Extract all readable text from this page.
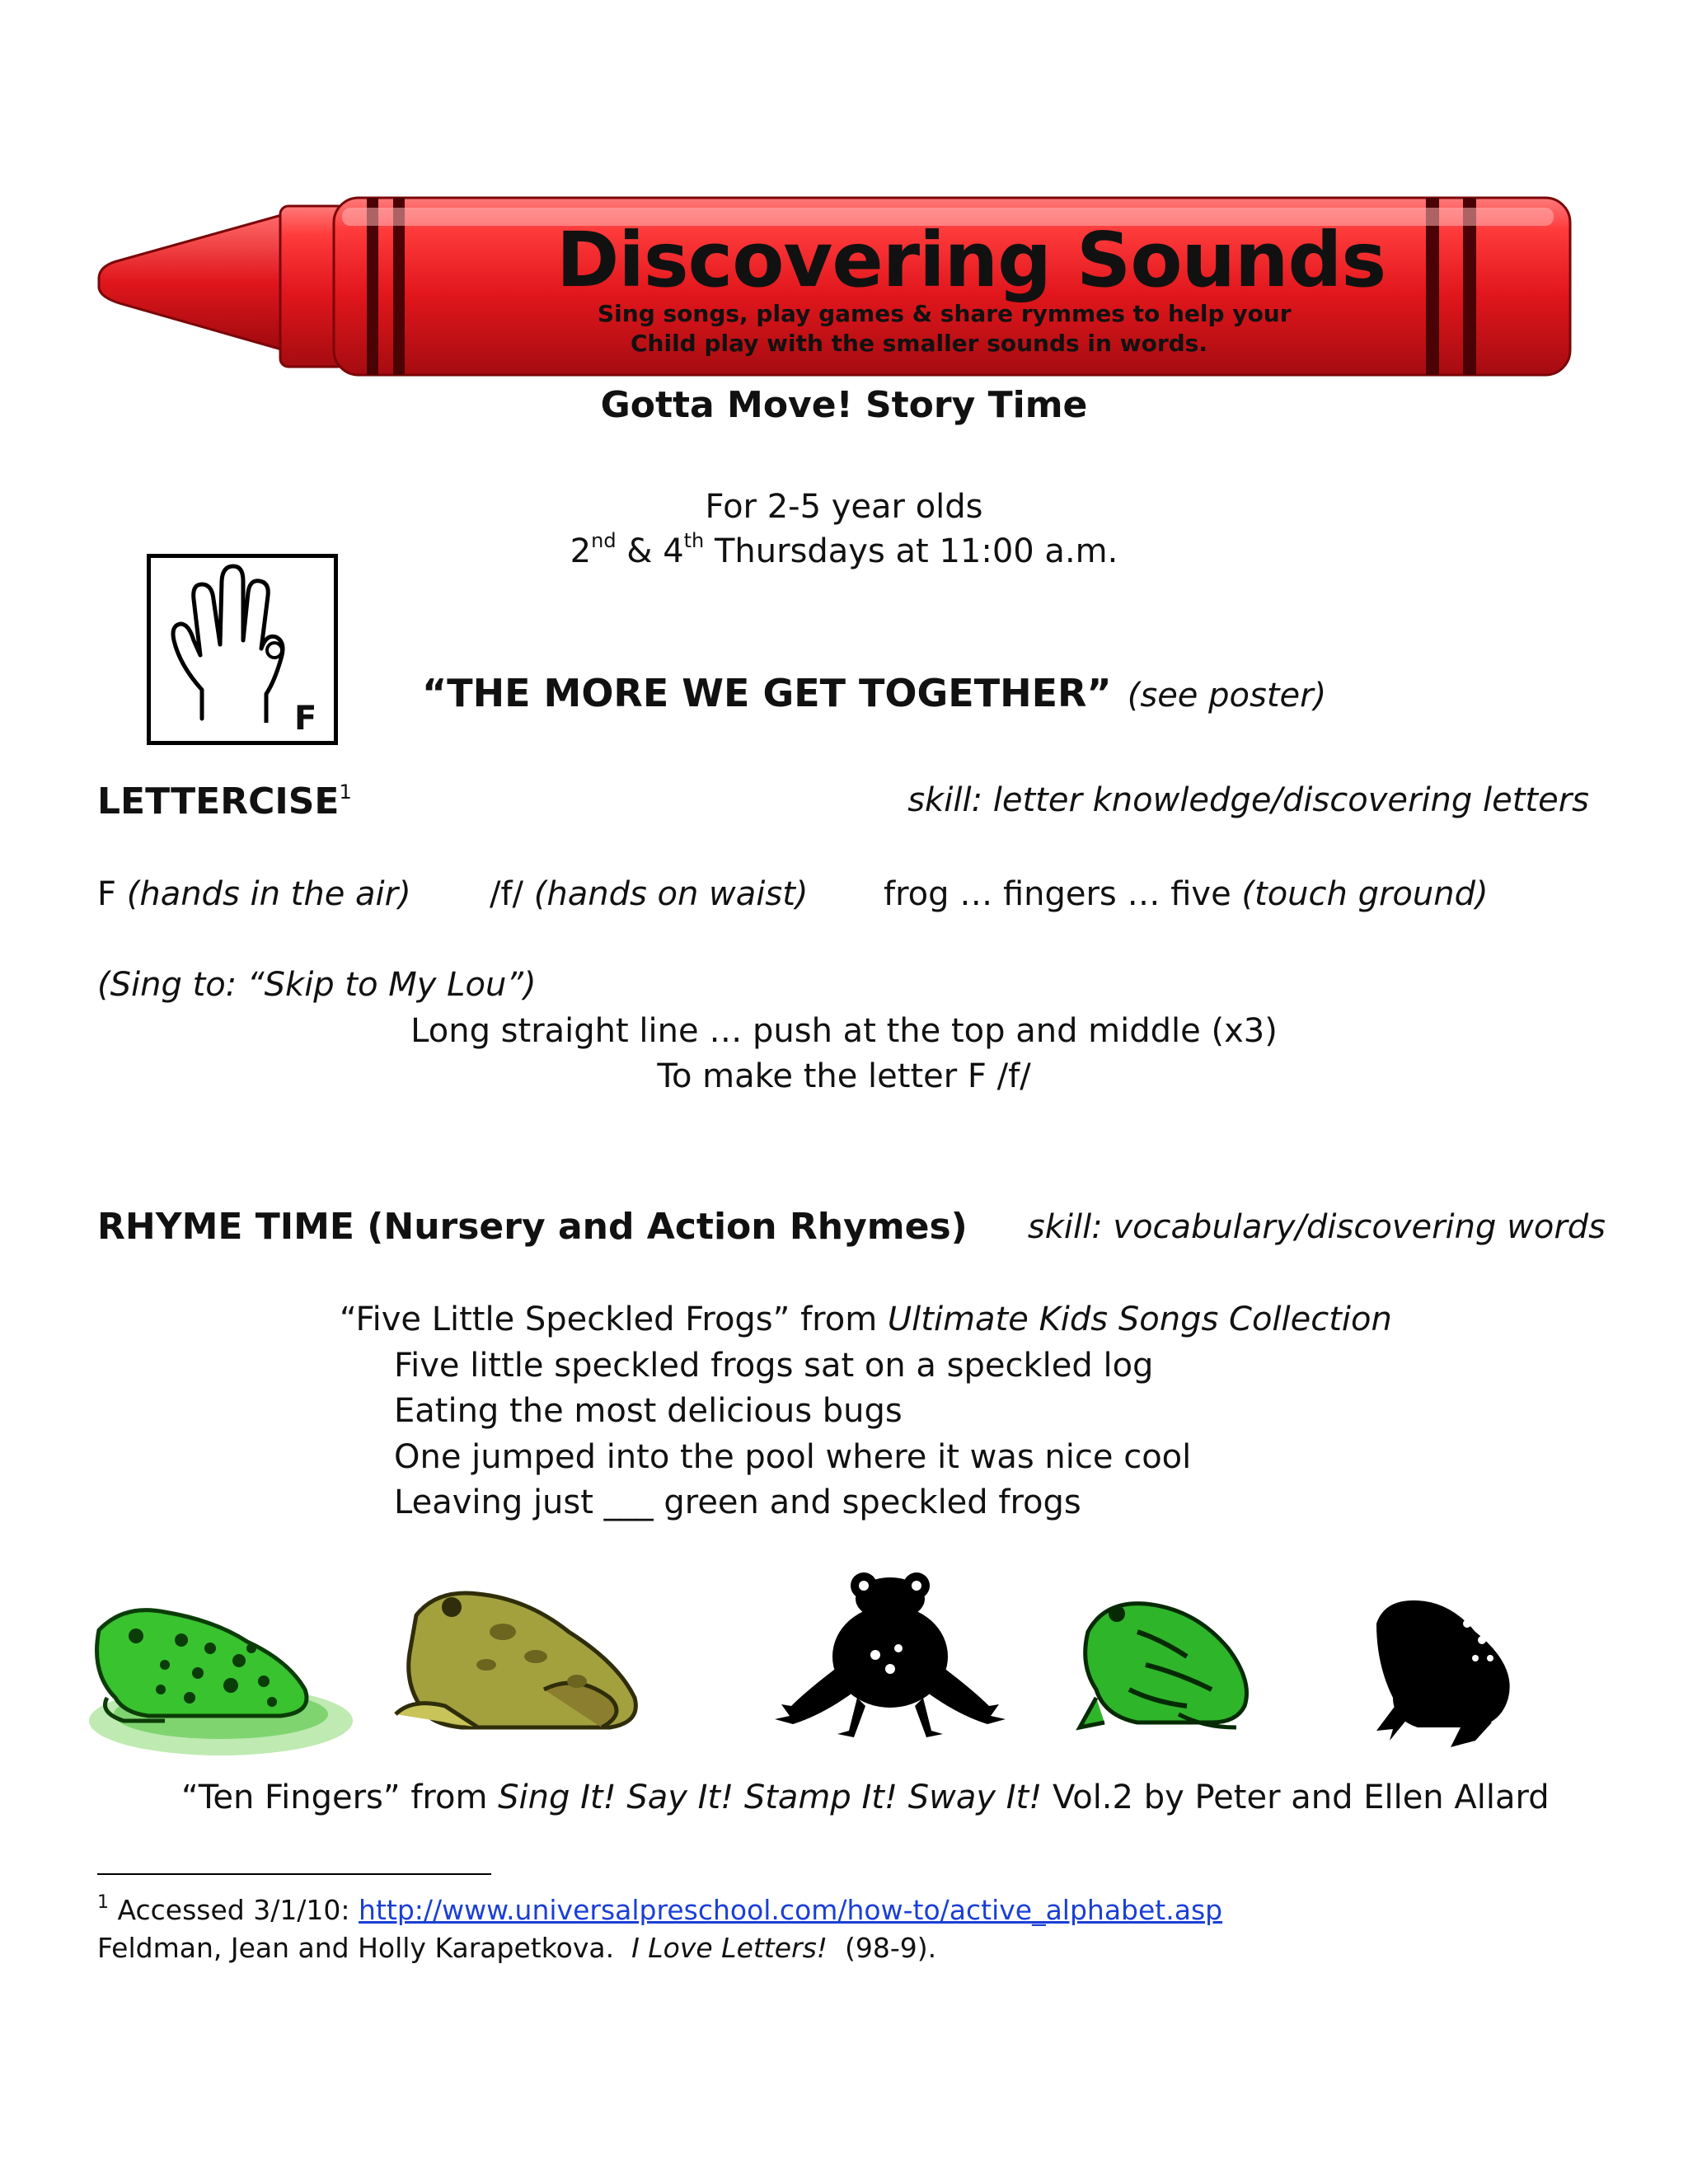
Discovering Sounds
Sing songs, play games & share rymmes to help your
Child play with the smaller sounds in words.
Gotta Move! Story Time
For 2-5 year olds
2nd & 4th Thursdays at 11:00 a.m.
F
“THE MORE WE GET TOGETHER” (see poster)
LETTERCISE$^1$	skill: letter knowledge/discovering letters
F (hands in the air) /f/ (hands on waist) frog … fingers … five (touch ground)
(Sing to: “Skip to My Lou”)
Long straight line … push at the top and middle (x3)
To make the letter F /f/
RHYME TIME (Nursery and Action Rhymes) skill: vocabulary/discovering words
“Five Little Speckled Frogs” from Ultimate Kids Songs Collection
Five little speckled frogs sat on a speckled log
Eating the most delicious bugs
One jumped into the pool where it was nice cool
Leaving just ___ green and speckled frogs
“Ten Fingers” from Sing It! Say It! Stamp It! Sway It! Vol.2 by Peter and Ellen Allard
$^1$ Accessed 3/1/10: http://www.universalpreschool.com/how-to/active_alphabet.asp
Feldman, Jean and Holly Karapetkova.  I Love Letters!  (98-9).
